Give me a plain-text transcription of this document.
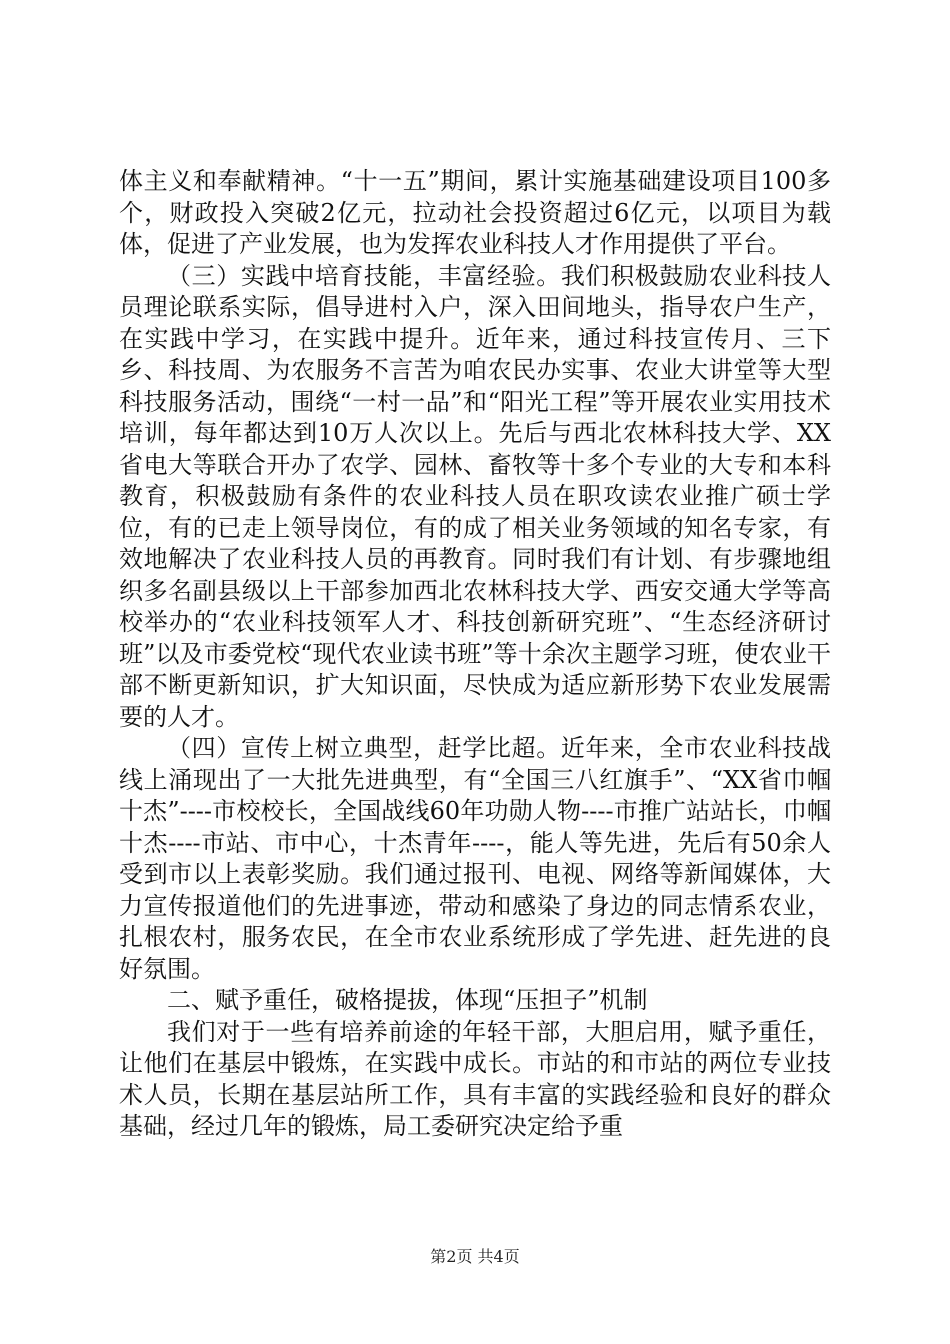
体主义和奉献精神。“十一五”期间，累计实施基础建设项目100多个，财政投入突破2亿元，拉动社会投资超过6亿元，以项目为载体，促进了产业发展，也为发挥农业科技人才作用提供了平台。

（三）实践中培育技能，丰富经验。我们积极鼓励农业科技人员理论联系实际，倡导进村入户，深入田间地头，指导农户生产，在实践中学习，在实践中提升。近年来，通过科技宣传月、三下乡、科技周、为农服务不言苦为咱农民办实事、农业大讲堂等大型科技服务活动，围绕“一村一品”和“阳光工程”等开展农业实用技术培训，每年都达到10万人次以上。先后与西北农林科技大学、XX省电大等联合开办了农学、园林、畜牧等十多个专业的大专和本科教育，积极鼓励有条件的农业科技人员在职攻读农业推广硕士学位，有的已走上领导岗位，有的成了相关业务领域的知名专家，有效地解决了农业科技人员的再教育。同时我们有计划、有步骤地组织多名副县级以上干部参加西北农林科技大学、西安交通大学等高校举办的“农业科技领军人才、科技创新研究班”、“生态经济研讨班”以及市委党校“现代农业读书班”等十余次主题学习班，使农业干部不断更新知识，扩大知识面，尽快成为适应新形势下农业发展需要的人才。

（四）宣传上树立典型，赶学比超。近年来，全市农业科技战线上涌现出了一大批先进典型，有“全国三八红旗手”、“XX省巾帼十杰”----市校校长，全国战线60年功勋人物----市推广站站长，巾帼十杰----市站、市中心，十杰青年----，能人等先进，先后有50余人受到市以上表彰奖励。我们通过报刊、电视、网络等新闻媒体，大力宣传报道他们的先进事迹，带动和感染了身边的同志情系农业，扎根农村，服务农民，在全市农业系统形成了学先进、赶先进的良好氛围。

二、赋予重任，破格提拔，体现“压担子”机制

我们对于一些有培养前途的年轻干部，大胆启用，赋予重任，让他们在基层中锻炼，在实践中成长。市站的和市站的两位专业技术人员，长期在基层站所工作，具有丰富的实践经验和良好的群众基础，经过几年的锻炼，局工委研究决定给予重

第2页 共4页
